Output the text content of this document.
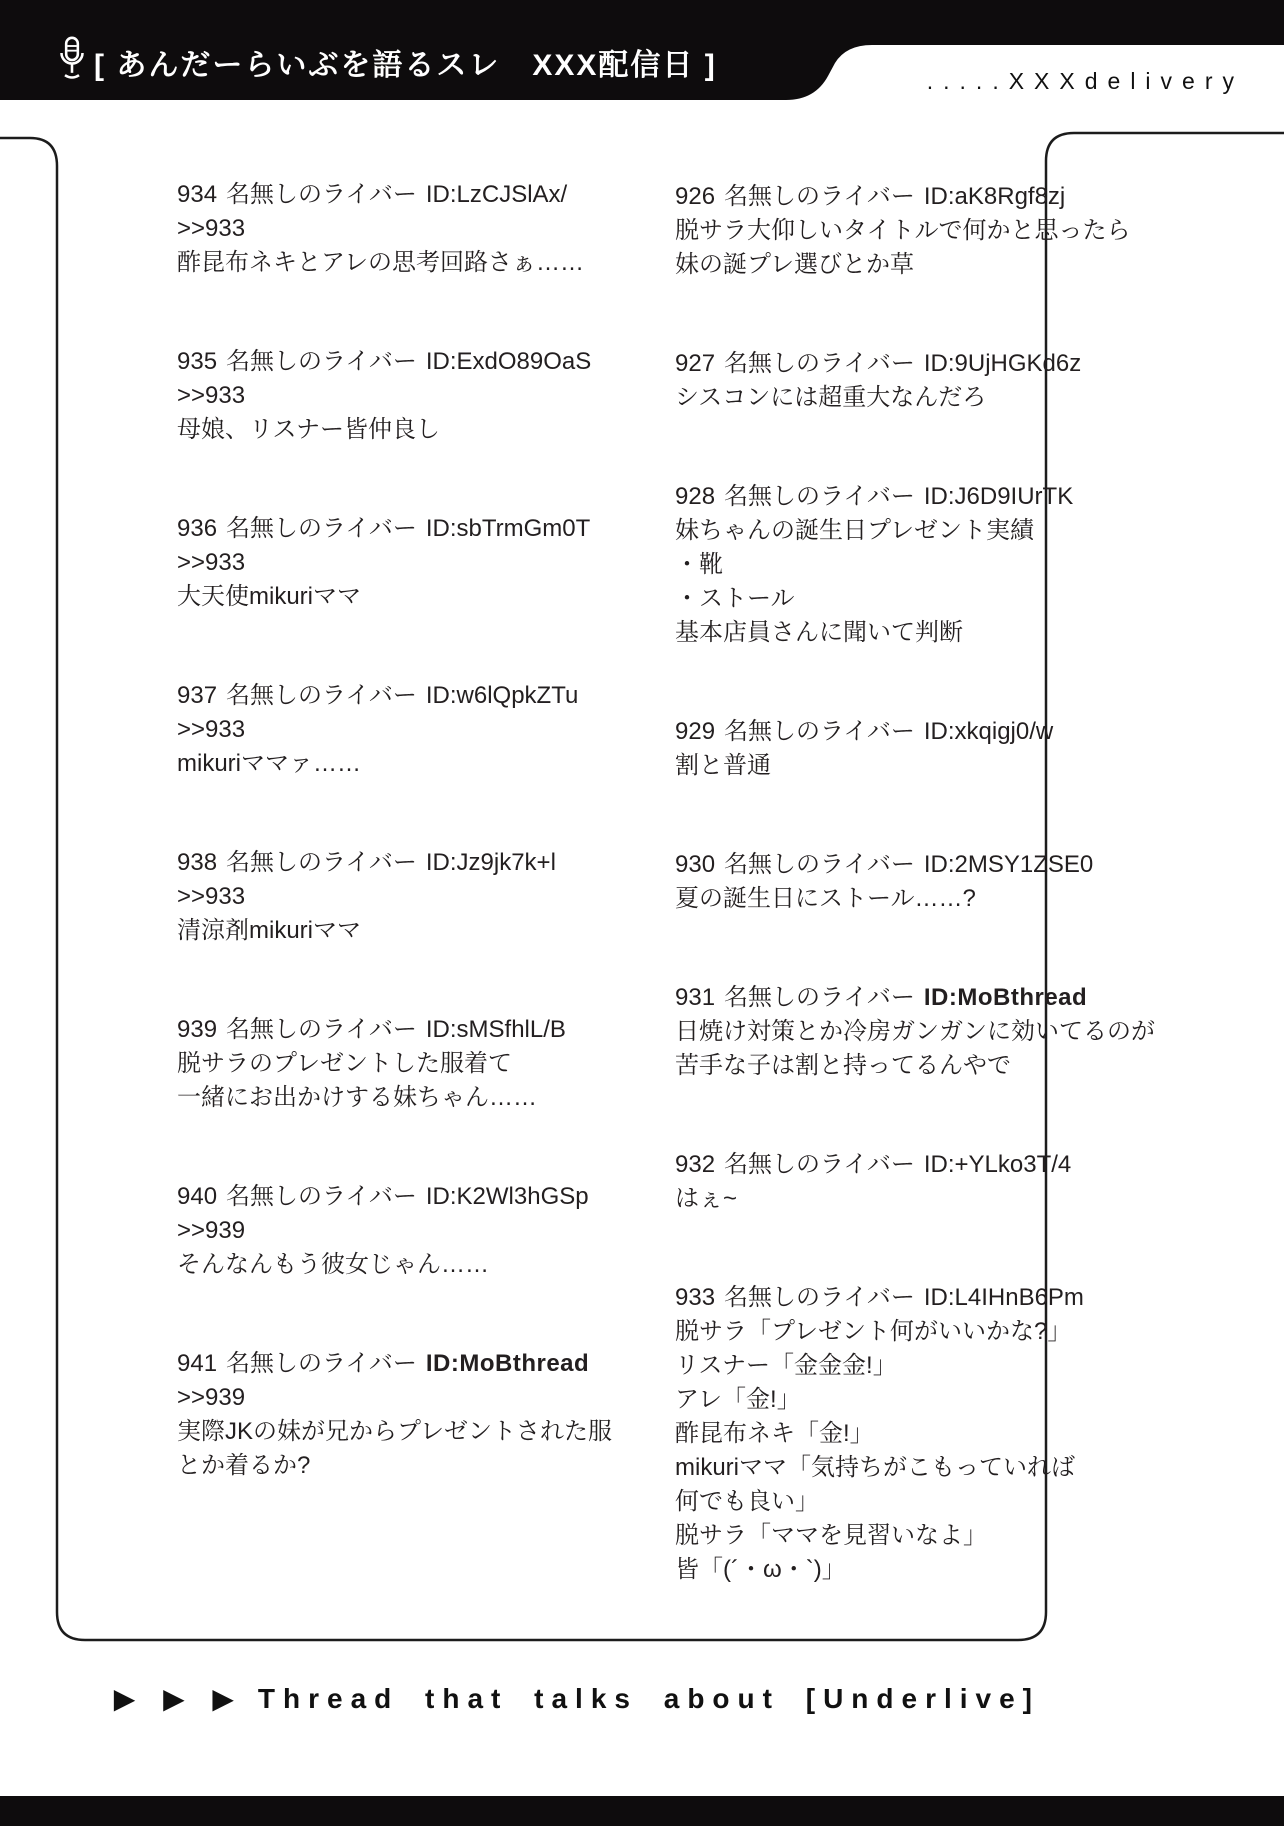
[ あんだーらいぶを語るスレ　XXX配信日 ]	.....XXXdelivery
934 名無しのライバー ID:LzCJSlAx/
>>933
酢昆布ネキとアレの思考回路さぁ……
935 名無しのライバー ID:ExdO89OaS
>>933
母娘、リスナー皆仲良し
936 名無しのライバー ID:sbTrmGm0T
>>933
大天使mikuriママ
937 名無しのライバー ID:w6lQpkZTu
>>933
mikuriママァ……
938 名無しのライバー ID:Jz9jk7k+l
>>933
清涼剤mikuriママ
939 名無しのライバー ID:sMSfhlL/B
脱サラのプレゼントした服着て
一緒にお出かけする妹ちゃん……
940 名無しのライバー ID:K2Wl3hGSp
>>939
そんなんもう彼女じゃん……
941 名無しのライバー ID:MoBthread
>>939
実際JKの妹が兄からプレゼントされた服
とか着るか?
926 名無しのライバー ID:aK8Rgf8zj
脱サラ大仰しいタイトルで何かと思ったら
妹の誕プレ選びとか草
927 名無しのライバー ID:9UjHGKd6z
シスコンには超重大なんだろ
928 名無しのライバー ID:J6D9IUrTK
妹ちゃんの誕生日プレゼント実績
・靴
・ストール
基本店員さんに聞いて判断
929 名無しのライバー ID:xkqigj0/w
割と普通
930 名無しのライバー ID:2MSY1ZSE0
夏の誕生日にストール……?
931 名無しのライバー ID:MoBthread
日焼け対策とか冷房ガンガンに効いてるのが
苦手な子は割と持ってるんやで
932 名無しのライバー ID:+YLko3T/4
はぇ~
933 名無しのライバー ID:L4IHnB6Pm
脱サラ「プレゼント何がいいかな?」
リスナー「金金金!」
アレ「金!」
酢昆布ネキ「金!」
mikuriママ「気持ちがこもっていれば
何でも良い」
脱サラ「ママを見習いなよ」
皆「(´・ω・`)」
▶ ▶ ▶ Thread that talks about [Underlive]
